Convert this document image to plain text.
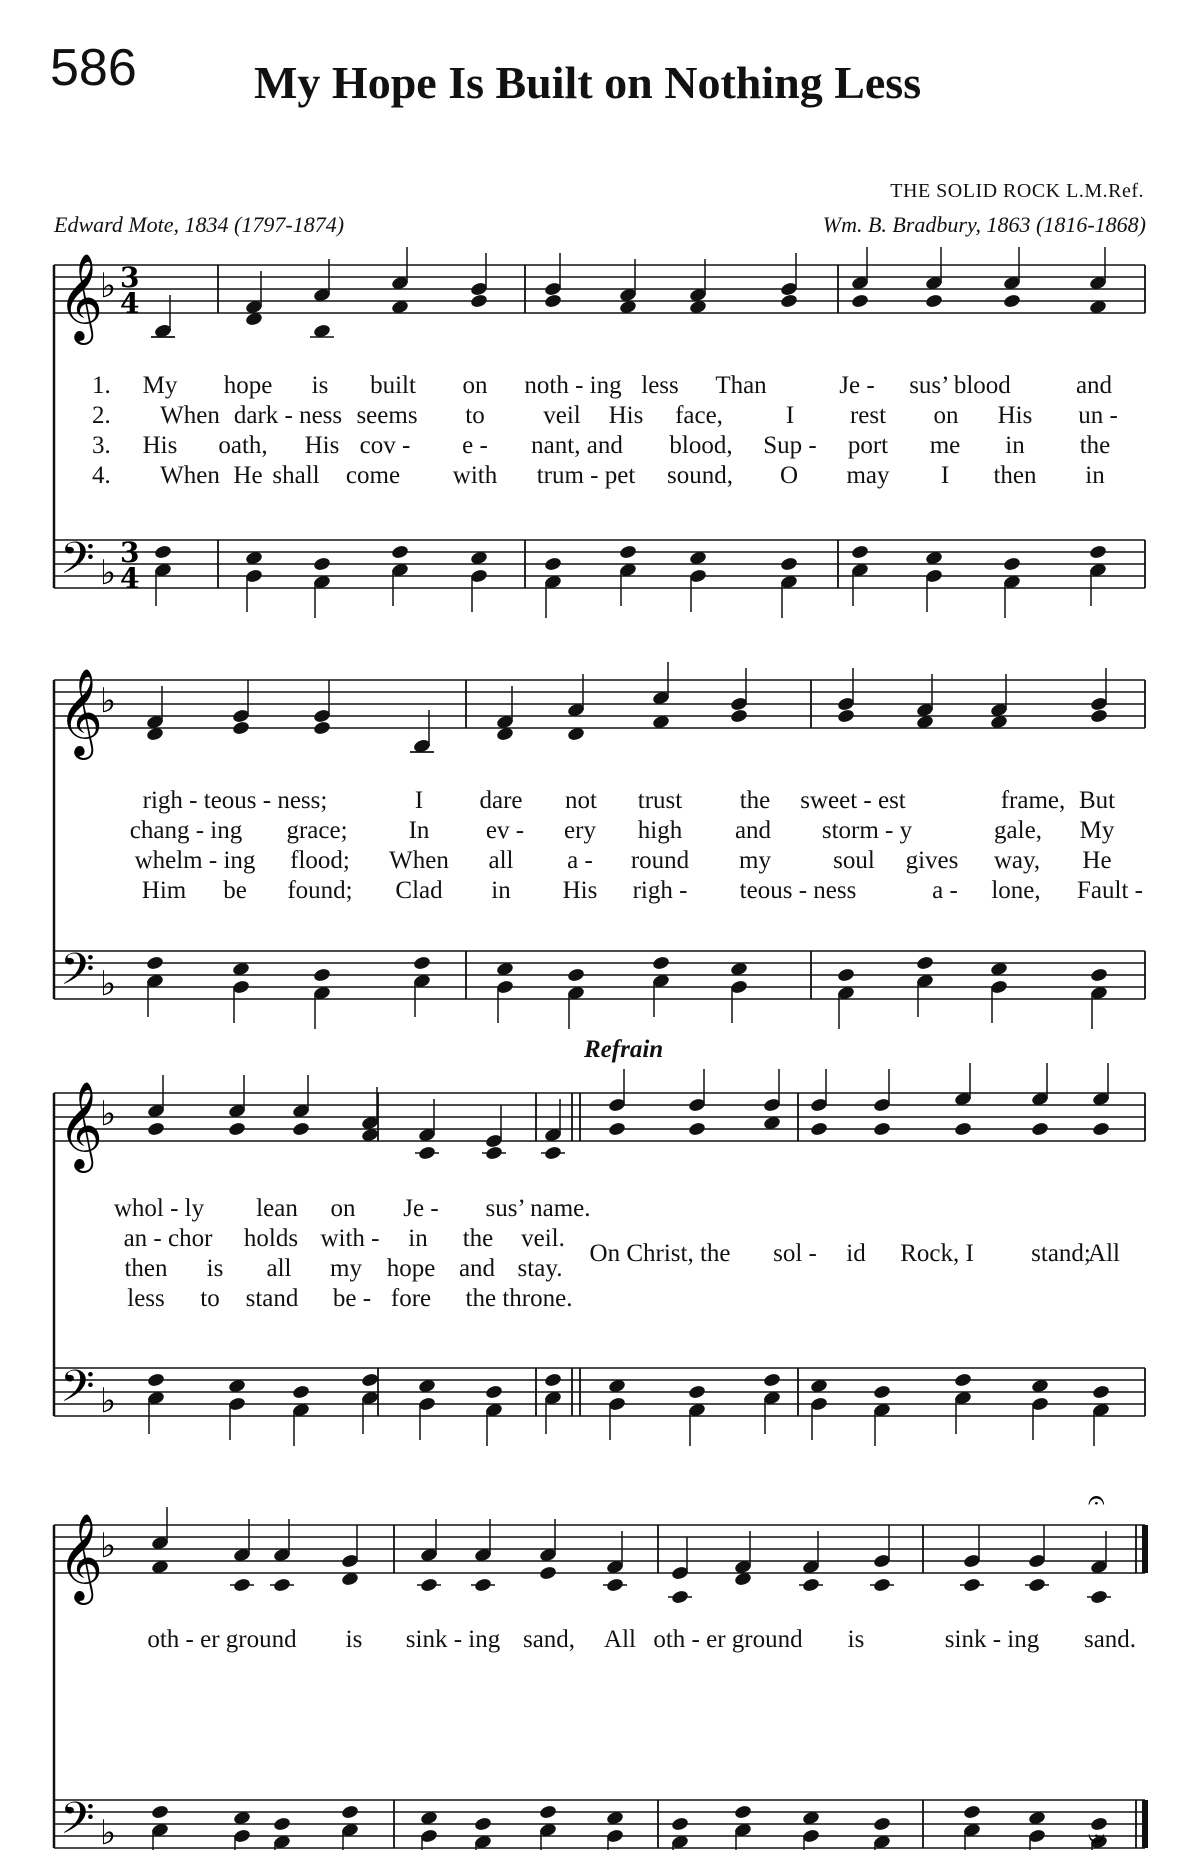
586	My Hope Is Built on Nothing Less
THE SOLID ROCK L.M.Ref.
Edward Mote, 1834 (1797-1874)	Wm. B. Bradbury, 1863 (1816-1868)
Refrain
𝄞
𝄢
♭
♭
3
4
3
4
𝄞
𝄢
♭
♭
𝄞
𝄢
♭
♭
𝄞
𝄢
♭
♭
𝄐
𝄑
My hope is built on noth - ing less Than	Je - sus’ blood	and
When dark - ness seems to veil His face,	I rest on His un -
His oath, His cov - e - nant, and blood, Sup - port me in the
When He shall come with trum - pet sound, O may I then in
1.
2.
3.
4.
righ - teous - ness;	I dare not trust the sweet - est	frame, But
chang - ing grace; In ev - ery high and storm - y	gale, My
whelm - ing flood; When all a - round my soul gives way, He
Him be found; Clad in His righ - teous - ness	a - lone, Fault -
whol - ly lean on Je - sus’ name.
an - chor holds with - in the veil.
then is all my hope and stay.
less to stand be - fore the throne.
On Christ, the sol - id Rock, I stand;
All
oth - er ground is sink - ing sand, All oth - er ground is	sink - ing sand.
